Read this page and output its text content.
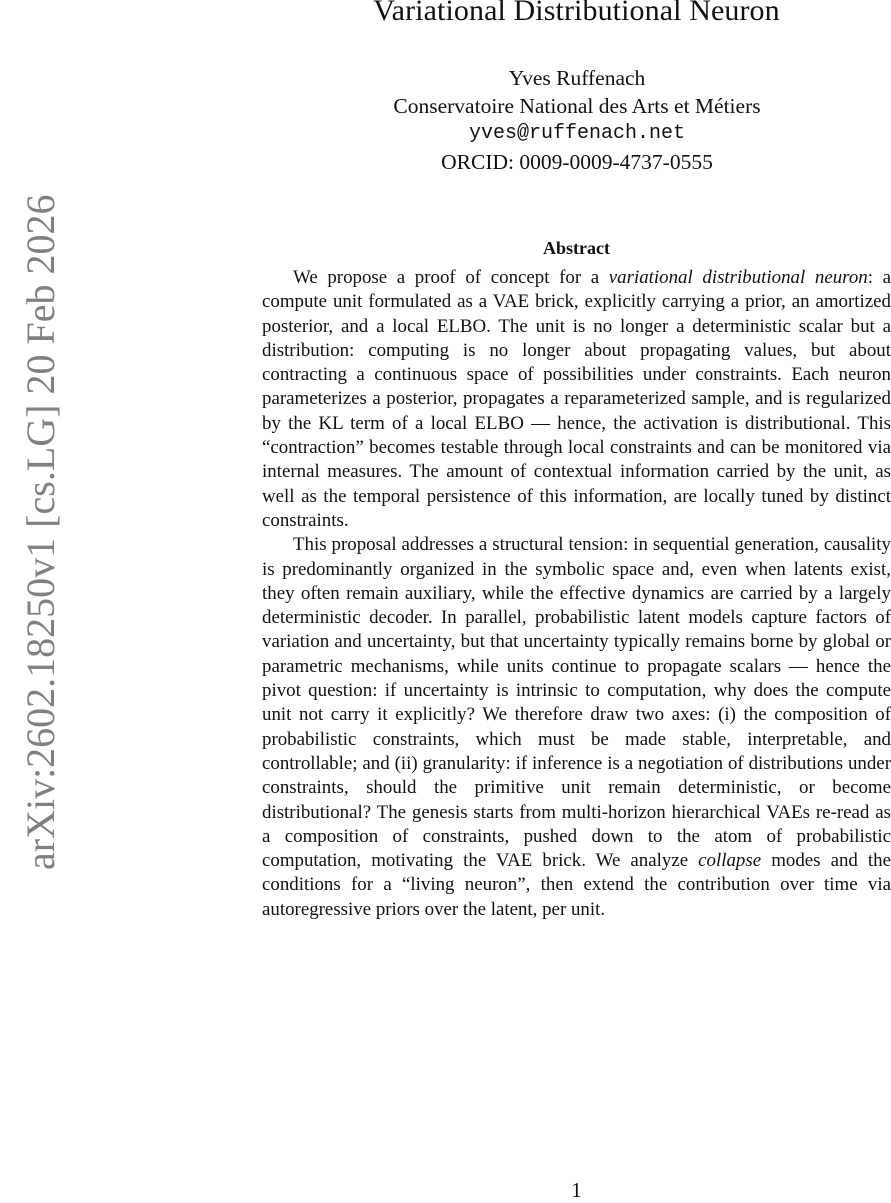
Variational Distributional Neuron
Yves Ruffenach
Conservatoire National des Arts et Métiers
yves@ruffenach.net
ORCID: 0009-0009-4737-0555
arXiv:2602.18250v1 [cs.LG] 20 Feb 2026	Abstract

We propose a proof of concept for a variational distributional neuron: a compute unit formulated as a VAE brick, explicitly carrying a prior, an amortized posterior, and a local ELBO. The unit is no longer a deterministic scalar but a distribution: computing is no longer about propagating values, but about contracting a continuous space of possibilities under constraints. Each neuron parameterizes a posterior, propagates a reparameterized sample, and is regularized by the KL term of a local ELBO — hence, the activation is distributional. This “contraction” becomes testable through local constraints and can be monitored via internal measures. The amount of contextual information carried by the unit, as well as the temporal persistence of this information, are locally tuned by distinct constraints.

This proposal addresses a structural tension: in sequential generation, causality is predominantly organized in the symbolic space and, even when latents exist, they often remain auxiliary, while the effective dynamics are carried by a largely deterministic decoder. In parallel, probabilistic latent models capture factors of variation and uncertainty, but that uncertainty typically remains borne by global or parametric mechanisms, while units continue to propagate scalars — hence the pivot question: if uncertainty is intrinsic to computation, why does the compute unit not carry it explicitly? We therefore draw two axes: (i) the composition of probabilistic constraints, which must be made stable, interpretable, and controllable; and (ii) granularity: if inference is a negotiation of distributions under constraints, should the primitive unit remain deterministic, or become distributional? The genesis starts from multi-horizon hierarchical VAEs re-read as a composition of constraints, pushed down to the atom of probabilistic computation, motivating the VAE brick. We analyze collapse modes and the conditions for a “living neuron”, then extend the contribution over time via autoregressive priors over the latent, per unit.

1
